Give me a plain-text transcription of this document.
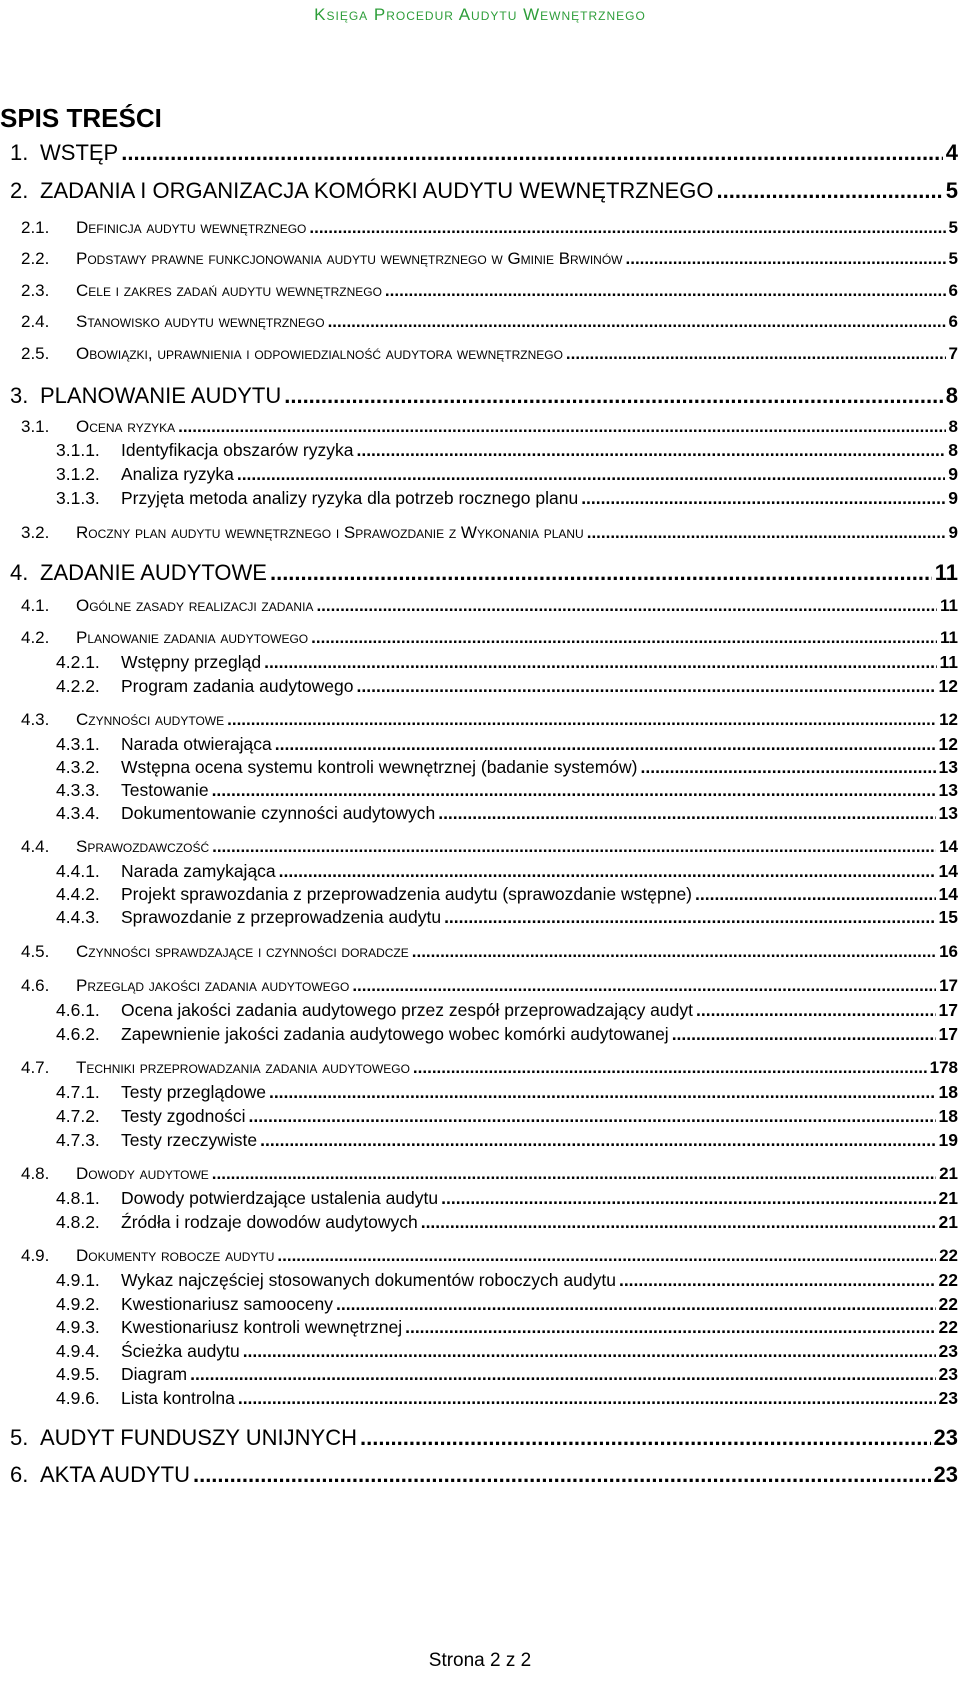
Księga Procedur Audytu Wewnętrznego
SPIS TREŚCI
1. WSTĘP .....	4
2. ZADANIA I ORGANIZACJA KOMÓRKI AUDYTU WEWNĘTRZNEGO .....	5
2.1.	Definicja audytu wewnętrznego .....	5
2.2.	Podstawy prawne funkcjonowania audytu wewnętrznego w Gminie Brwinów .....	5
2.3.	Cele i zakres zadań audytu wewnętrznego .....	6
2.4.	Stanowisko audytu wewnętrznego .....	6
2.5.	Obowiązki, uprawnienia i odpowiedzialność audytora wewnętrznego .....	7
3. PLANOWANIE AUDYTU .....	8
3.1.	Ocena ryzyka .....	8
3.1.1.	Identyfikacja obszarów ryzyka .....	8
3.1.2.	Analiza ryzyka .....	9
3.1.3.	Przyjęta metoda analizy ryzyka dla potrzeb rocznego planu .....	9
3.2.	Roczny plan audytu wewnętrznego i Sprawozdanie z Wykonania planu .....	9
4. ZADANIE AUDYTOWE .....	11
4.1.	Ogólne zasady realizacji zadania .....	11
4.2.	Planowanie zadania audytowego .....	11
4.2.1.	Wstępny przegląd .....	11
4.2.2.	Program zadania audytowego .....	12
4.3.	Czynności audytowe .....	12
4.3.1.	Narada otwierająca .....	12
4.3.2.	Wstępna ocena systemu kontroli wewnętrznej (badanie systemów) .....	13
4.3.3.	Testowanie .....	13
4.3.4.	Dokumentowanie czynności audytowych .....	13
4.4.	Sprawozdawczość .....	14
4.4.1.	Narada zamykająca .....	14
4.4.2.	Projekt sprawozdania z przeprowadzenia audytu (sprawozdanie wstępne) .....	14
4.4.3.	Sprawozdanie z przeprowadzenia audytu .....	15
4.5.	Czynności sprawdzające i czynności doradcze .....	16
4.6.	Przegląd jakości zadania audytowego .....	17
4.6.1.	Ocena jakości zadania audytowego przez zespół przeprowadzający audyt .....	17
4.6.2.	Zapewnienie jakości zadania audytowego wobec komórki audytowanej .....	17
4.7.	Techniki przeprowadzania zadania audytowego .....	178
4.7.1.	Testy przeglądowe .....	18
4.7.2.	Testy zgodności .....	18
4.7.3.	Testy rzeczywiste .....	19
4.8.	Dowody audytowe .....	21
4.8.1.	Dowody potwierdzające ustalenia audytu .....	21
4.8.2.	Źródła i rodzaje dowodów audytowych .....	21
4.9.	Dokumenty robocze audytu .....	22
4.9.1.	Wykaz najczęściej stosowanych dokumentów roboczych audytu .....	22
4.9.2.	Kwestionariusz samooceny .....	22
4.9.3.	Kwestionariusz kontroli wewnętrznej .....	22
4.9.4.	Ścieżka audytu .....	23
4.9.5.	Diagram .....	23
4.9.6.	Lista kontrolna .....	23
5. AUDYT FUNDUSZY UNIJNYCH .....	23
6. AKTA AUDYTU .....	23
Strona 2 z 2
